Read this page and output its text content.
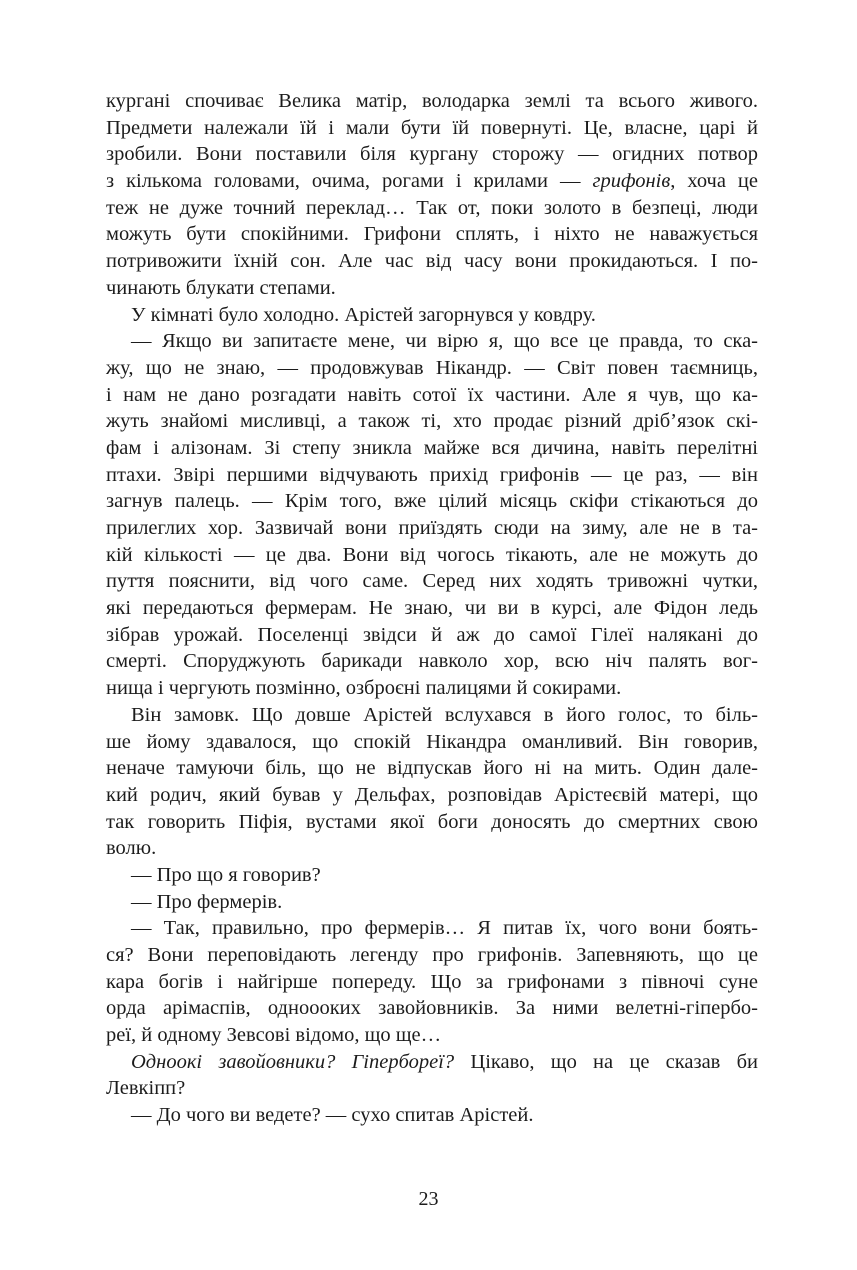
кургані спочиває Велика матір, володарка землі та всього живого.
Предмети належали їй і мали бути їй повернуті. Це, власне, царі й
зробили. Вони поставили біля кургану сторожу — огидних потвор
з кількома головами, очима, рогами і крилами — грифонів, хоча це
теж не дуже точний переклад… Так от, поки золото в безпеці, люди
можуть бути спокійними. Грифони сплять, і ніхто не наважується
потривожити їхній сон. Але час від часу вони прокидаються. І по-
чинають блукати степами.
У кімнаті було холодно. Арістей загорнувся у ковдру.
— Якщо ви запитаєте мене, чи вірю я, що все це правда, то ска-
жу, що не знаю, — продовжував Нікандр. — Світ повен таємниць,
і нам не дано розгадати навіть сотої їх частини. Але я чув, що ка-
жуть знайомі мисливці, а також ті, хто продає різний дріб’язок скі-
фам і алізонам. Зі степу зникла майже вся дичина, навіть перелітні
птахи. Звірі першими відчувають прихід грифонів — це раз, — він
загнув палець. — Крім того, вже цілий місяць скіфи стікаються до
прилеглих хор. Зазвичай вони приїздять сюди на зиму, але не в та-
кій кількості — це два. Вони від чогось тікають, але не можуть до
пуття пояснити, від чого саме. Серед них ходять тривожні чутки,
які передаються фермерам. Не знаю, чи ви в курсі, але Фідон ледь
зібрав урожай. Поселенці звідси й аж до самої Гілеї налякані до
смерті. Споруджують барикади навколо хор, всю ніч палять вог-
нища і чергують позмінно, озброєні палицями й сокирами.
Він замовк. Що довше Арістей вслухався в його голос, то біль-
ше йому здавалося, що спокій Нікандра оманливий. Він говорив,
неначе тамуючи біль, що не відпускав його ні на мить. Один дале-
кий родич, який бував у Дельфах, розповідав Арістеєвій матері, що
так говорить Піфія, вустами якої боги доносять до смертних свою
волю.
— Про що я говорив?
— Про фермерів.
— Так, правильно, про фермерів… Я питав їх, чого вони боять-
ся? Вони переповідають легенду про грифонів. Запевняють, що це
кара богів і найгірше попереду. Що за грифонами з півночі суне
орда арімаспів, одноооких завойовників. За ними велетні-гіпербо-
реї, й одному Зевсові відомо, що ще…
Одноокі завойовники? Гіпербореї? Цікаво, що на це сказав би
Левкіпп?
— До чого ви ведете? — сухо спитав Арістей.
23
